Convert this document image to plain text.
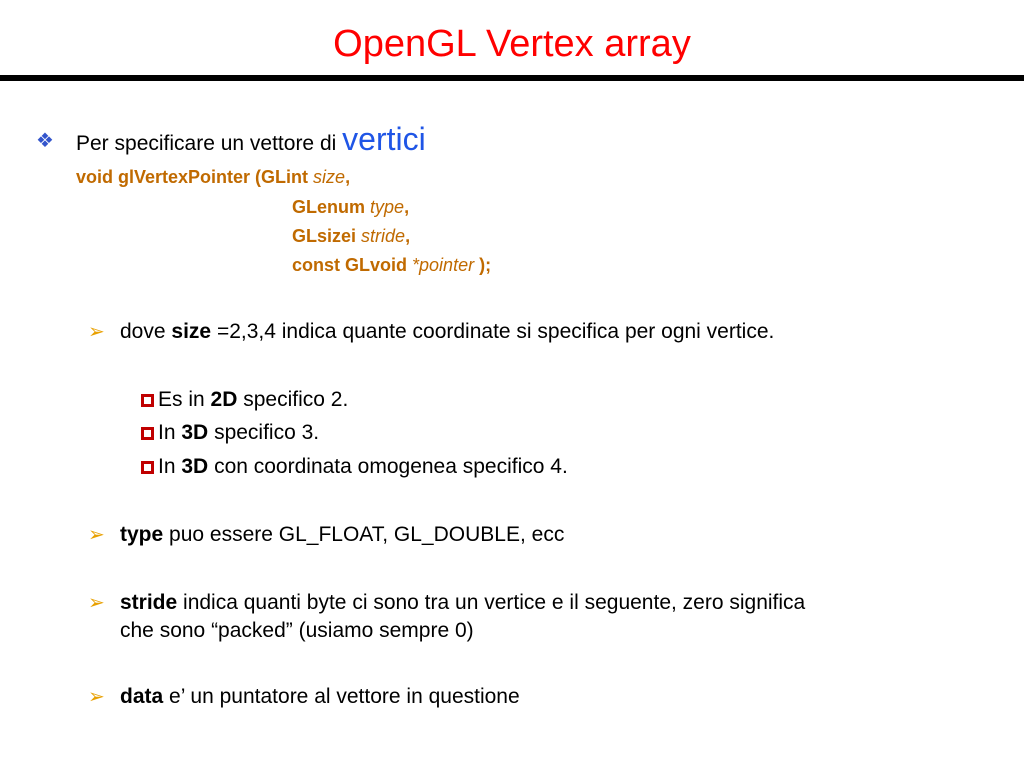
OpenGL Vertex array
❖ Per specificare un vettore di vertici
void glVertexPointer (GLint size,
GLenum type,
GLsizei stride,
const GLvoid *pointer );
➢ dove size =2,3,4 indica quante coordinate si specifica per ogni vertice.
Es in 2D specifico 2.
In 3D specifico 3.
In 3D con coordinata omogenea specifico 4.
➢ type puo essere GL_FLOAT, GL_DOUBLE, ecc
➢ stride indica quanti byte ci sono tra un vertice e il seguente, zero significa
che sono “packed” (usiamo sempre 0)
➢ data e’ un puntatore al vettore in questione
